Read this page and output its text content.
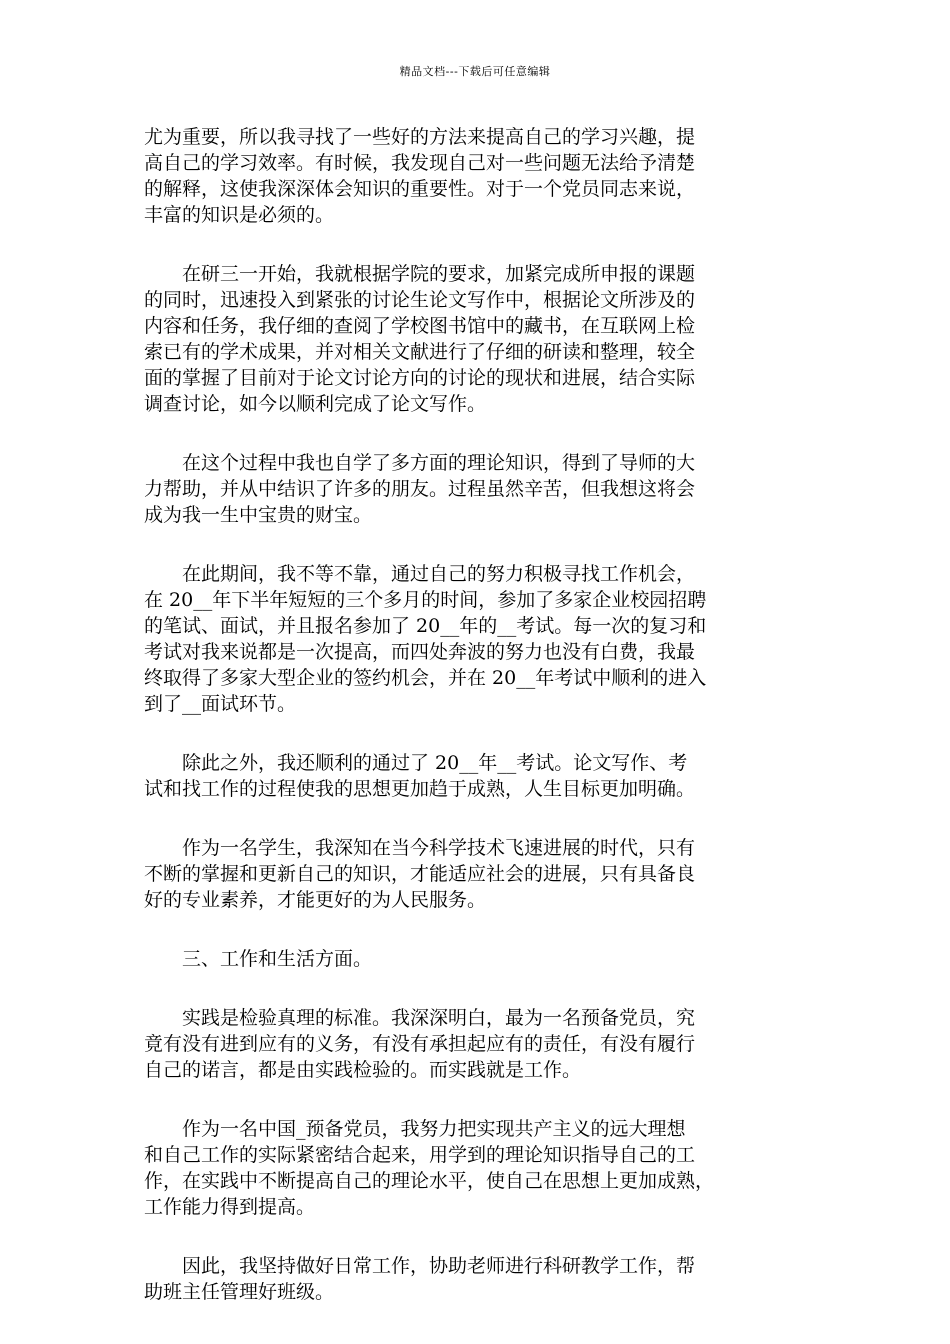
精品文档---下载后可任意编辑

尤为重要，所以我寻找了一些好的方法来提高自己的学习兴趣，提
高自己的学习效率。有时候，我发现自己对一些问题无法给予清楚
的解释，这使我深深体会知识的重要性。对于一个党员同志来说，
丰富的知识是必须的。

　　在研三一开始，我就根据学院的要求，加紧完成所申报的课题
的同时，迅速投入到紧张的讨论生论文写作中，根据论文所涉及的
内容和任务，我仔细的查阅了学校图书馆中的藏书，在互联网上检
索已有的学术成果，并对相关文献进行了仔细的研读和整理，较全
面的掌握了目前对于论文讨论方向的讨论的现状和进展，结合实际
调查讨论，如今以顺利完成了论文写作。

　　在这个过程中我也自学了多方面的理论知识，得到了导师的大
力帮助，并从中结识了许多的朋友。过程虽然辛苦，但我想这将会
成为我一生中宝贵的财宝。

　　在此期间，我不等不靠，通过自己的努力积极寻找工作机会，
在 20__年下半年短短的三个多月的时间，参加了多家企业校园招聘
的笔试、面试，并且报名参加了 20__年的__考试。每一次的复习和
考试对我来说都是一次提高，而四处奔波的努力也没有白费，我最
终取得了多家大型企业的签约机会，并在 20__年考试中顺利的进入
到了__面试环节。

　　除此之外，我还顺利的通过了 20__年__考试。论文写作、考
试和找工作的过程使我的思想更加趋于成熟，人生目标更加明确。

　　作为一名学生，我深知在当今科学技术飞速进展的时代，只有
不断的掌握和更新自己的知识，才能适应社会的进展，只有具备良
好的专业素养，才能更好的为人民服务。

　　三、工作和生活方面。

　　实践是检验真理的标准。我深深明白，最为一名预备党员，究
竟有没有进到应有的义务，有没有承担起应有的责任，有没有履行
自己的诺言，都是由实践检验的。而实践就是工作。

　　作为一名中国_预备党员，我努力把实现共产主义的远大理想
和自己工作的实际紧密结合起来，用学到的理论知识指导自己的工
作，在实践中不断提高自己的理论水平，使自己在思想上更加成熟，
工作能力得到提高。

　　因此，我坚持做好日常工作，协助老师进行科研教学工作，帮
助班主任管理好班级。
